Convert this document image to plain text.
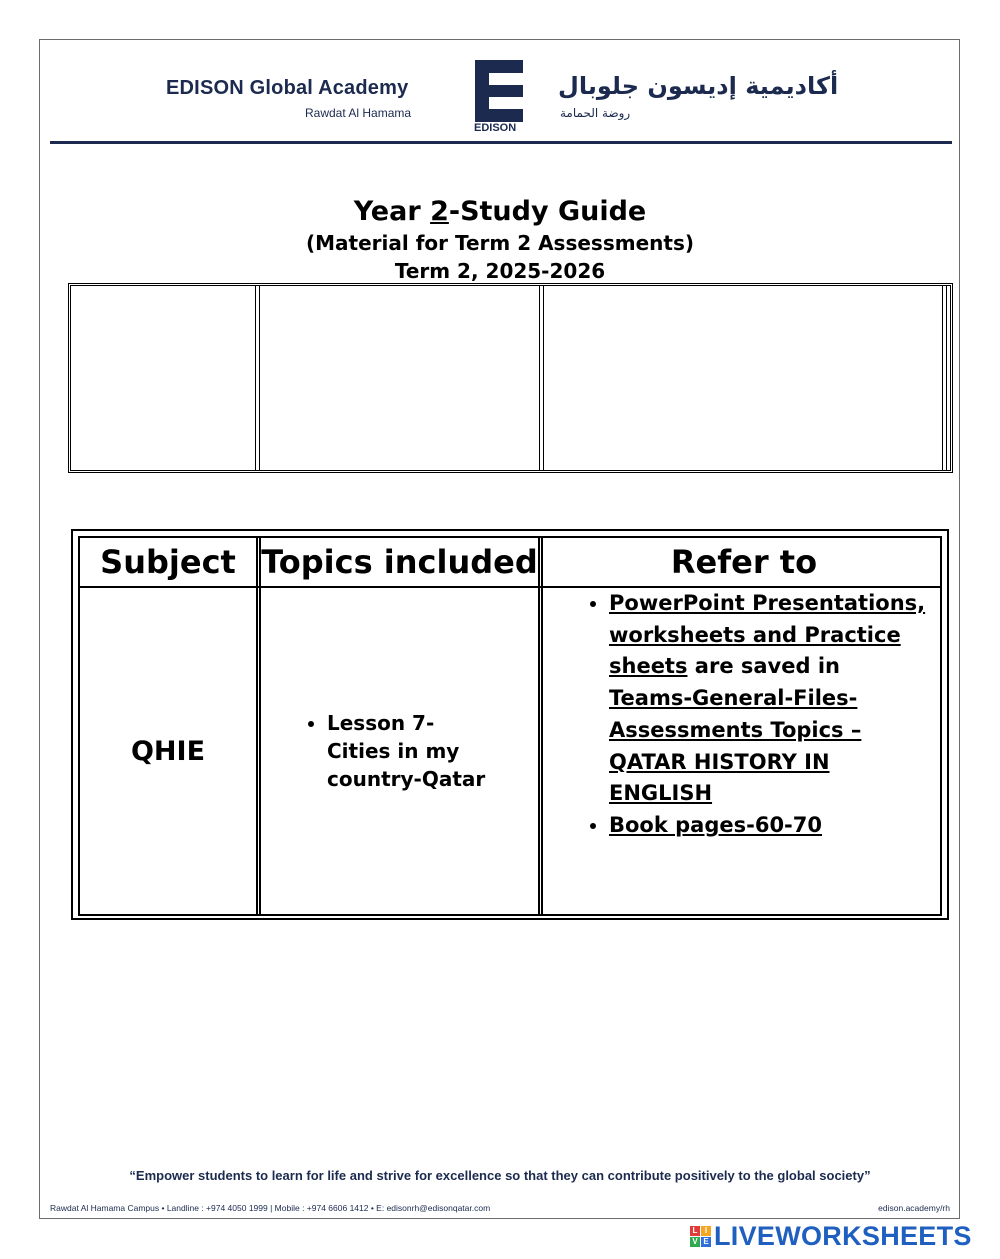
EDISON Global Academy
Rawdat Al Hamama
EDISON
أكاديمية إديسون جلوبال
روضة الحمامة
Year 2-Study Guide
(Material for Term 2 Assessments)
Term 2, 2025-2026
Subject Topics included	Refer to
QHIE
• Lesson 7-Cities in my country-Qatar
• PowerPoint Presentations, worksheets and Practice sheets are saved in Teams-General-Files-Assessments Topics – QATAR HISTORY IN ENGLISH
• Book pages-60-70
“Empower students to learn for life and strive for excellence so that they can contribute positively to the global society”
Rawdat Al Hamama Campus • Landline : +974 4050 1999 | Mobile : +974 6606 1412 • E: edisonrh@edisonqatar.com	edison.academy/rh
L I
V E LIVEWORKSHEETS
